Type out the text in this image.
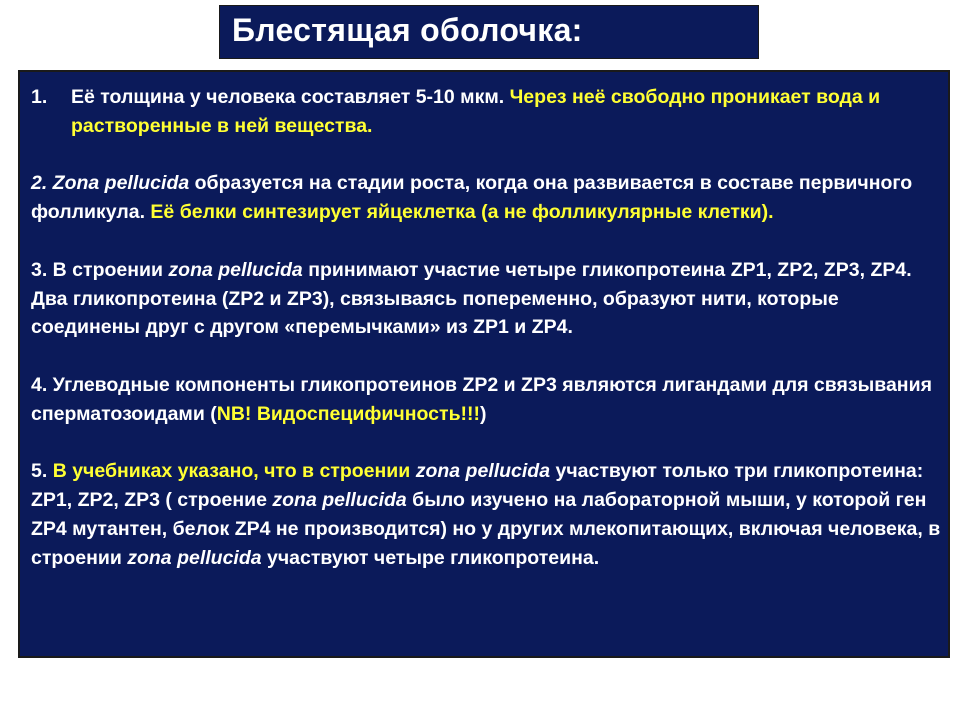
Блестящая оболочка:
1.	Её толщина у человека составляет 5-10 мкм. Через неё свободно проникает вода и растворенные в ней вещества.

2. Zona pellucida образуется на стадии роста, когда она развивается в составе первичного фолликула. Её белки синтезирует яйцеклетка (а не фолликулярные клетки).

3. В строении zona pellucida принимают участие четыре гликопротеина ZP1, ZP2, ZP3, ZP4. Два гликопротеина (ZP2 и ZP3), связываясь попеременно, образуют нити, которые соединены друг с другом «перемычками» из ZP1 и ZP4.

4. Углеводные компоненты гликопротеинов ZP2 и ZP3 являются лигандами для связывания сперматозоидами (NB! Видоспецифичность!!!)

5. В учебниках указано, что в строении zona pellucida участвуют только три гликопротеина: ZP1, ZP2, ZP3 ( строение zona pellucida было изучено на лабораторной мыши, у которой ген ZP4 мутантен, белок ZP4 не производится) но у других млекопитающих, включая человека, в строении zona pellucida участвуют четыре гликопротеина.
